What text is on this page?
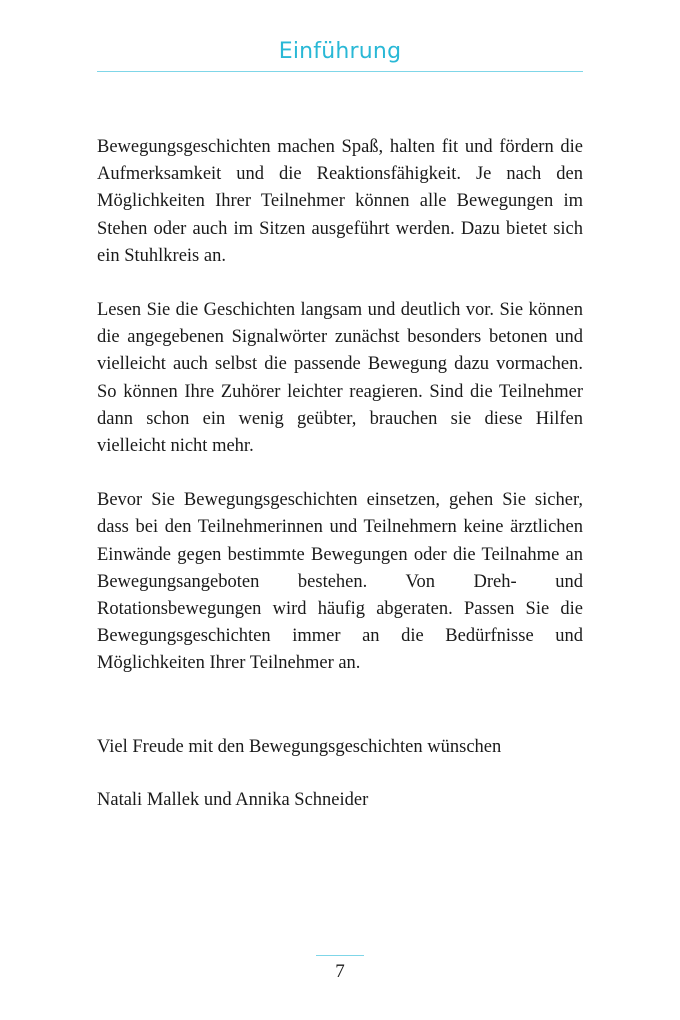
Einführung

Bewegungsgeschichten machen Spaß, halten fit und fördern die Aufmerksamkeit und die Reaktionsfähigkeit. Je nach den Möglichkeiten Ihrer Teilnehmer können alle Bewegungen im Stehen oder auch im Sitzen ausgeführt werden. Dazu bietet sich ein Stuhlkreis an.

Lesen Sie die Geschichten langsam und deutlich vor. Sie können die angegebenen Signalwörter zunächst besonders betonen und vielleicht auch selbst die passende Bewegung dazu vormachen. So können Ihre Zuhörer leichter reagieren. Sind die Teilnehmer dann schon ein wenig geübter, brauchen sie diese Hilfen vielleicht nicht mehr.

Bevor Sie Bewegungsgeschichten einsetzen, gehen Sie sicher, dass bei den Teilnehmerinnen und Teilnehmern keine ärztlichen Einwände gegen bestimmte Bewegungen oder die Teilnahme an Bewegungsangeboten bestehen. Von Dreh- und Rotationsbewegungen wird häufig abgeraten. Passen Sie die Bewegungsgeschichten immer an die Bedürfnisse und Möglichkeiten Ihrer Teilnehmer an.

Viel Freude mit den Bewegungsgeschichten wünschen

Natali Mallek und Annika Schneider

7
